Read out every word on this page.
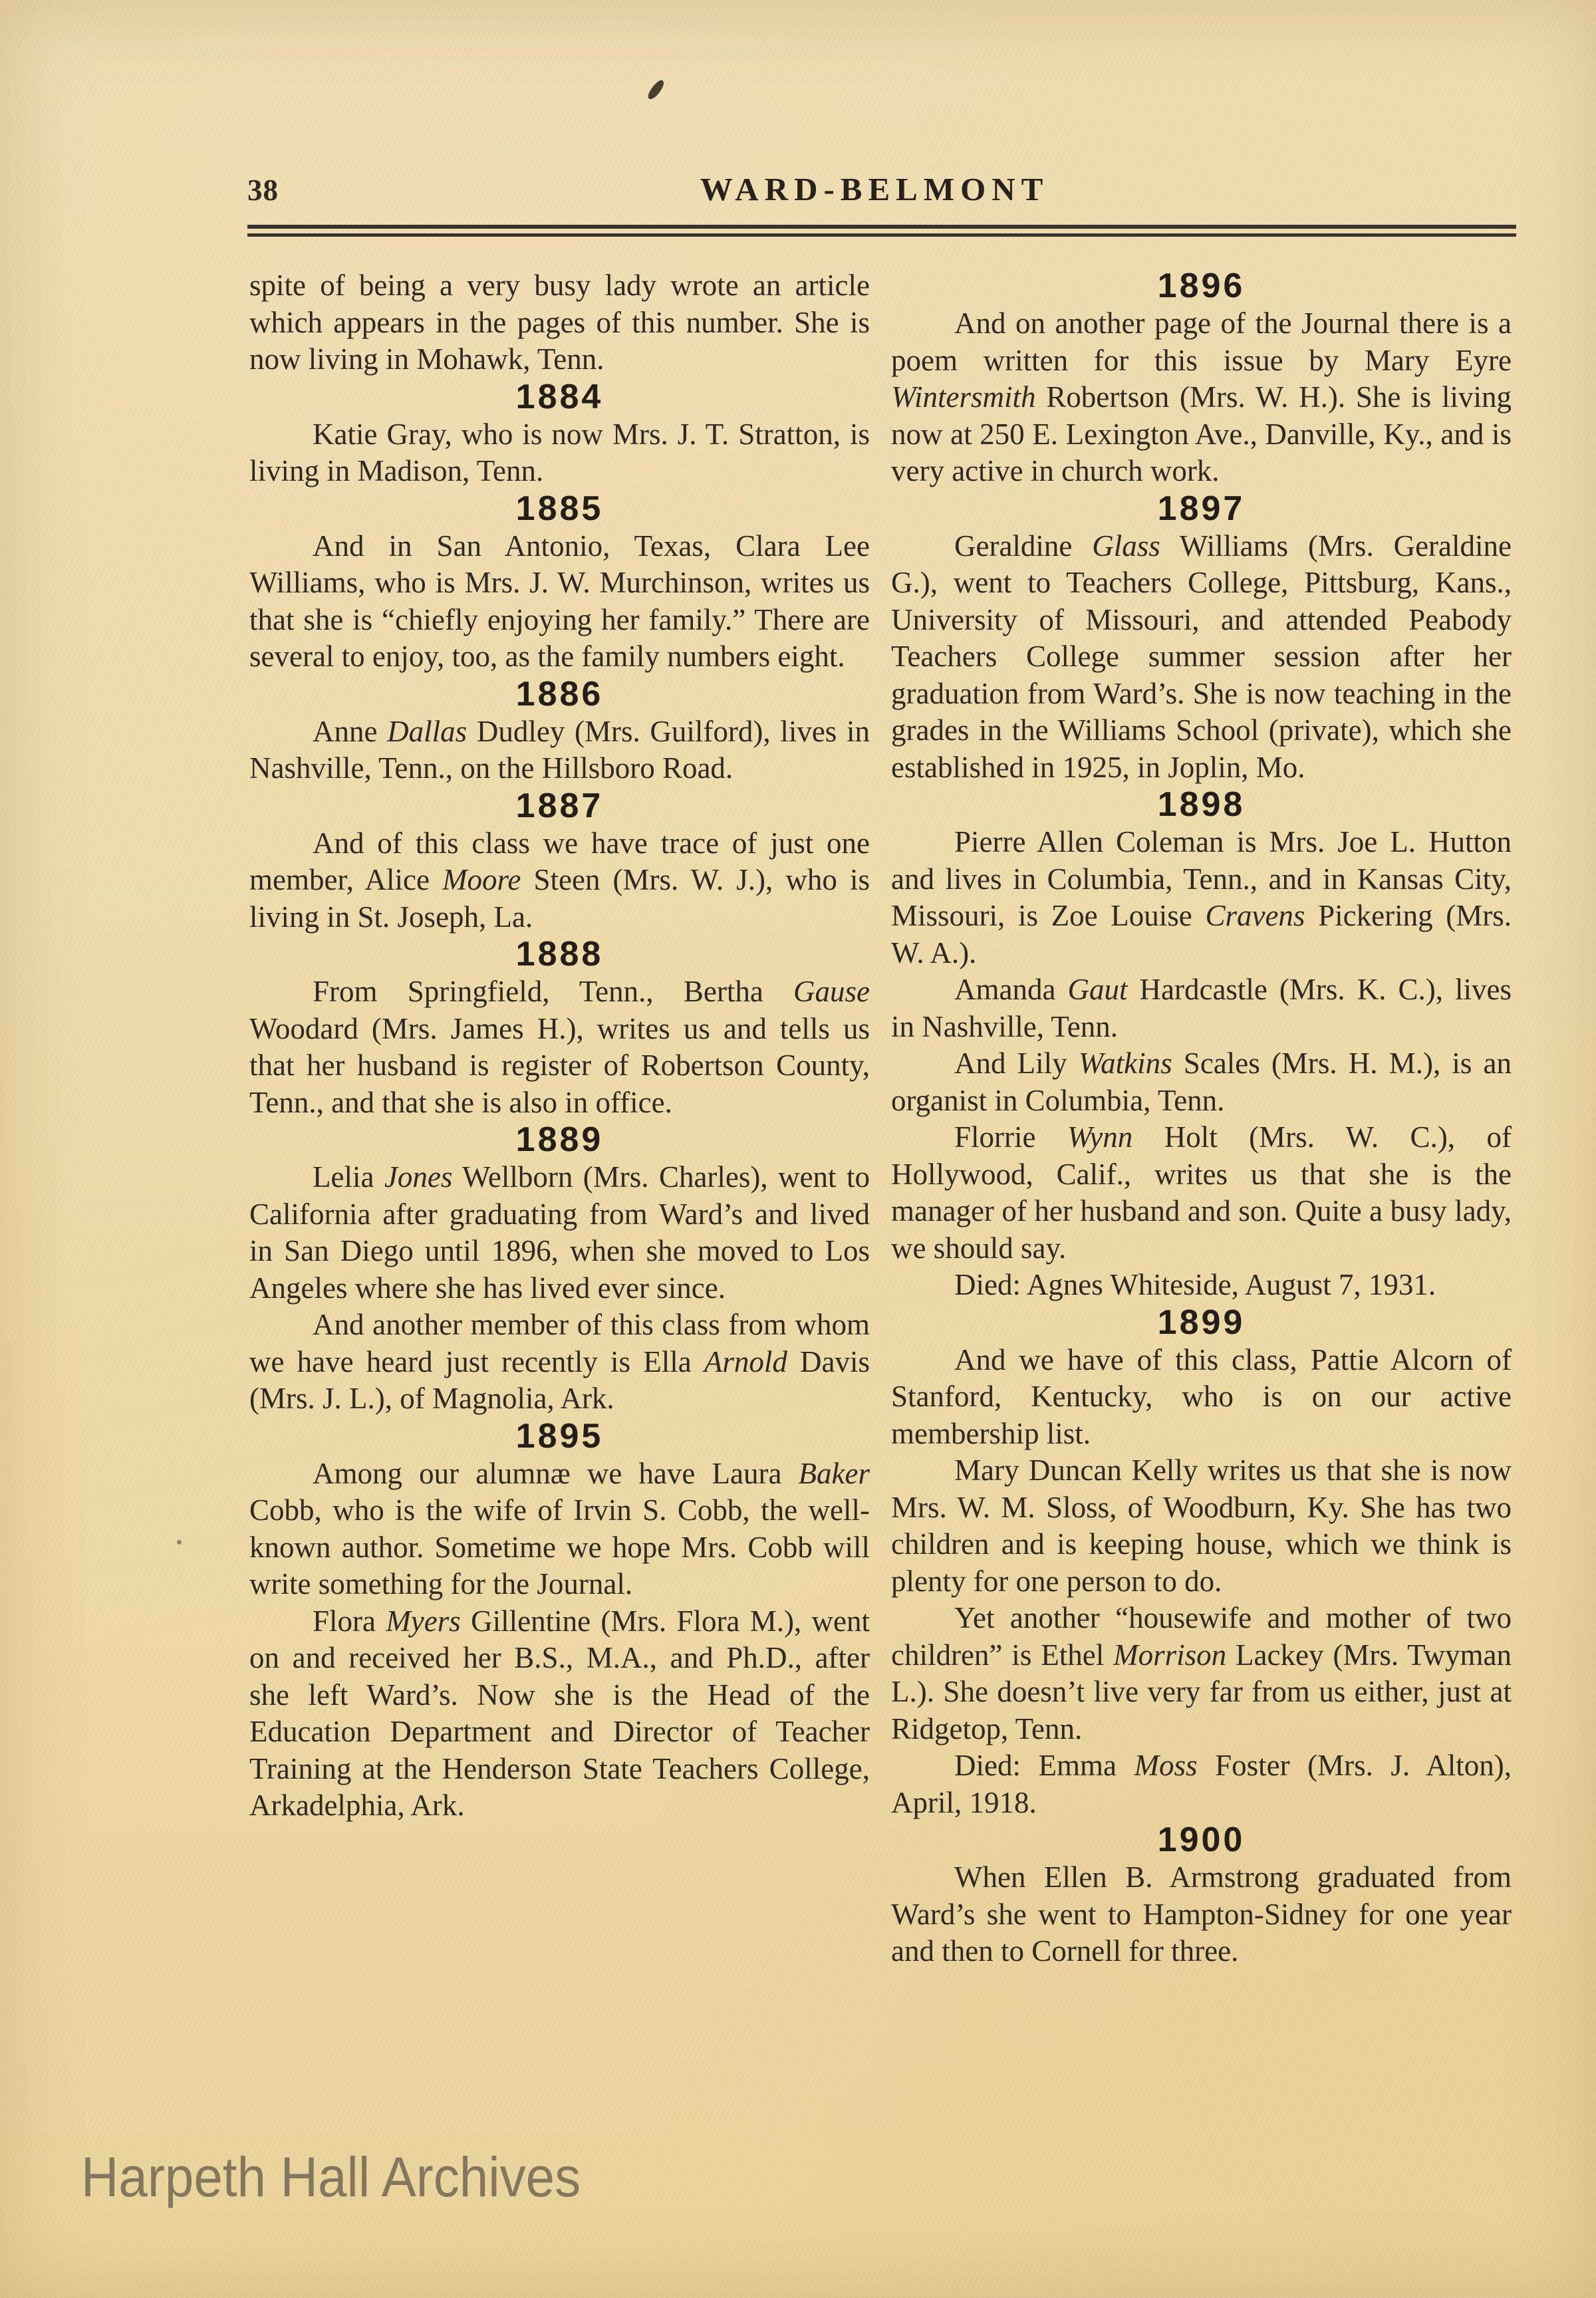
38	WARD-BELMONT

spite of being a very busy lady wrote an article which appears in the pages of this number. She is now living in Mohawk, Tenn.

1884

Katie Gray, who is now Mrs. J. T. Stratton, is living in Madison, Tenn.

1885

And in San Antonio, Texas, Clara Lee Williams, who is Mrs. J. W. Murchinson, writes us that she is “chiefly enjoying her family.” There are several to enjoy, too, as the family numbers eight.

1886

Anne Dallas Dudley (Mrs. Guilford), lives in Nashville, Tenn., on the Hillsboro Road.

1887

And of this class we have trace of just one member, Alice Moore Steen (Mrs. W. J.), who is living in St. Joseph, La.

1888

From Springfield, Tenn., Bertha Gause Woodard (Mrs. James H.), writes us and tells us that her husband is register of Robertson County, Tenn., and that she is also in office.

1889

Lelia Jones Wellborn (Mrs. Charles), went to California after graduating from Ward’s and lived in San Diego until 1896, when she moved to Los Angeles where she has lived ever since.

And another member of this class from whom we have heard just recently is Ella Arnold Davis (Mrs. J. L.), of Magnolia, Ark.

1895

Among our alumnæ we have Laura Baker Cobb, who is the wife of Irvin S. Cobb, the well-known author. Sometime we hope Mrs. Cobb will write something for the Journal.

Flora Myers Gillentine (Mrs. Flora M.), went on and received her B.S., M.A., and Ph.D., after she left Ward’s. Now she is the Head of the Education Department and Director of Teacher Training at the Henderson State Teachers College, Arkadelphia, Ark.

1896

And on another page of the Journal there is a poem written for this issue by Mary Eyre Wintersmith Robertson (Mrs. W. H.). She is living now at 250 E. Lexington Ave., Danville, Ky., and is very active in church work.

1897

Geraldine Glass Williams (Mrs. Geraldine G.), went to Teachers College, Pittsburg, Kans., University of Missouri, and attended Peabody Teachers College summer session after her graduation from Ward’s. She is now teaching in the grades in the Williams School (private), which she established in 1925, in Joplin, Mo.

1898

Pierre Allen Coleman is Mrs. Joe L. Hutton and lives in Columbia, Tenn., and in Kansas City, Missouri, is Zoe Louise Cravens Pickering (Mrs. W. A.).

Amanda Gaut Hardcastle (Mrs. K. C.), lives in Nashville, Tenn.

And Lily Watkins Scales (Mrs. H. M.), is an organist in Columbia, Tenn.

Florrie Wynn Holt (Mrs. W. C.), of Hollywood, Calif., writes us that she is the manager of her husband and son. Quite a busy lady, we should say.

Died: Agnes Whiteside, August 7, 1931.

1899

And we have of this class, Pattie Alcorn of Stanford, Kentucky, who is on our active membership list.

Mary Duncan Kelly writes us that she is now Mrs. W. M. Sloss, of Woodburn, Ky. She has two children and is keeping house, which we think is plenty for one person to do.

Yet another “housewife and mother of two children” is Ethel Morrison Lackey (Mrs. Twyman L.). She doesn’t live very far from us either, just at Ridgetop, Tenn.

Died: Emma Moss Foster (Mrs. J. Alton), April, 1918.

1900

When Ellen B. Armstrong graduated from Ward’s she went to Hampton-Sidney for one year and then to Cornell for three.

Harpeth Hall Archives
